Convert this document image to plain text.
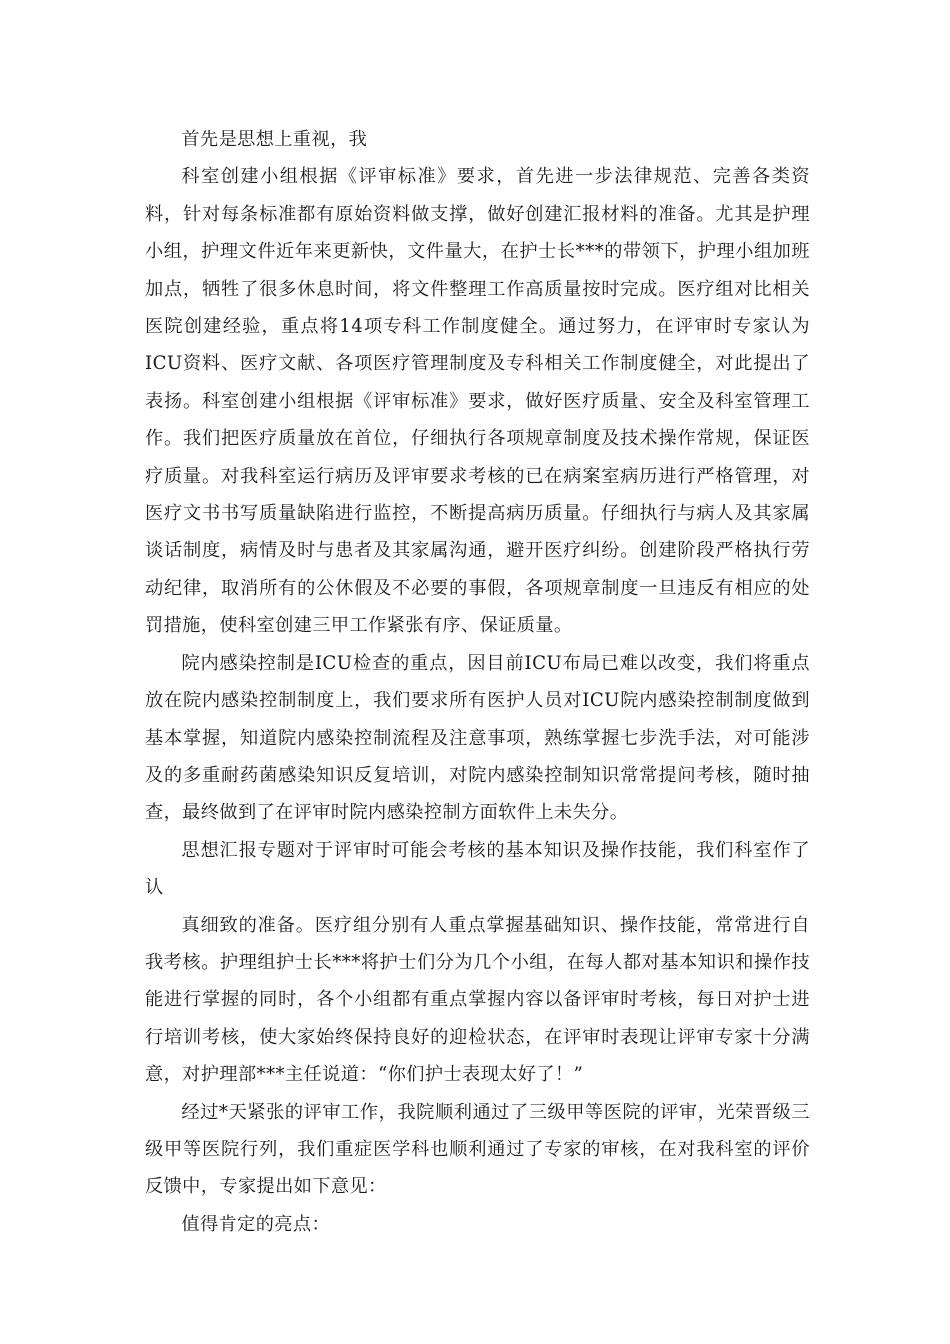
首先是思想上重视，我

科室创建小组根据《评审标准》要求，首先进一步法律规范、完善各类资料，针对每条标准都有原始资料做支撑，做好创建汇报材料的准备。尤其是护理小组，护理文件近年来更新快，文件量大，在护士长***的带领下，护理小组加班加点，牺牲了很多休息时间，将文件整理工作高质量按时完成。医疗组对比相关医院创建经验，重点将14项专科工作制度健全。通过努力，在评审时专家认为ICU资料、医疗文献、各项医疗管理制度及专科相关工作制度健全，对此提出了表扬。科室创建小组根据《评审标准》要求，做好医疗质量、安全及科室管理工作。我们把医疗质量放在首位，仔细执行各项规章制度及技术操作常规，保证医疗质量。对我科室运行病历及评审要求考核的已在病案室病历进行严格管理，对医疗文书书写质量缺陷进行监控，不断提高病历质量。仔细执行与病人及其家属谈话制度，病情及时与患者及其家属沟通，避开医疗纠纷。创建阶段严格执行劳动纪律，取消所有的公休假及不必要的事假，各项规章制度一旦违反有相应的处罚措施，使科室创建三甲工作紧张有序、保证质量。

院内感染控制是ICU检查的重点，因目前ICU布局已难以改变，我们将重点放在院内感染控制制度上，我们要求所有医护人员对ICU院内感染控制制度做到基本掌握，知道院内感染控制流程及注意事项，熟练掌握七步洗手法，对可能涉及的多重耐药菌感染知识反复培训，对院内感染控制知识常常提问考核，随时抽查，最终做到了在评审时院内感染控制方面软件上未失分。

思想汇报专题对于评审时可能会考核的基本知识及操作技能，我们科室作了认

真细致的准备。医疗组分别有人重点掌握基础知识、操作技能，常常进行自我考核。护理组护士长***将护士们分为几个小组，在每人都对基本知识和操作技能进行掌握的同时，各个小组都有重点掌握内容以备评审时考核，每日对护士进行培训考核，使大家始终保持良好的迎检状态，在评审时表现让评审专家十分满意，对护理部***主任说道：“你们护士表现太好了！”

经过*天紧张的评审工作，我院顺利通过了三级甲等医院的评审，光荣晋级三级甲等医院行列，我们重症医学科也顺利通过了专家的审核，在对我科室的评价反馈中，专家提出如下意见：

值得肯定的亮点：
